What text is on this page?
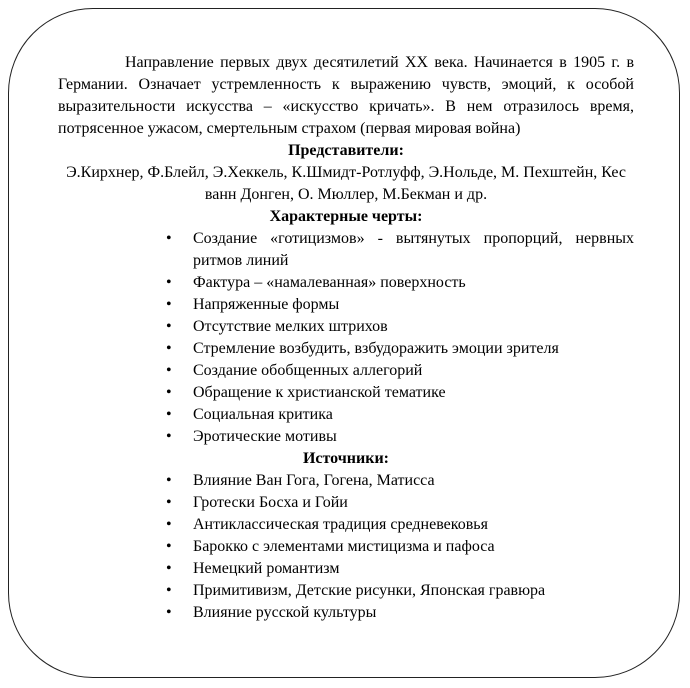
Направление первых двух десятилетий XX века. Начинается в 1905 г. в Германии. Означает устремленность к выражению чувств, эмоций, к особой выразительности искусства – «искусство кричать». В нем отразилось время, потрясенное ужасом, смертельным страхом (первая мировая война)

Представители:

Э.Кирхнер, Ф.Блейл, Э.Хеккель, К.Шмидт-Ротлуфф, Э.Нольде, М. Пехштейн, Кес ванн Донген, О. Мюллер, М.Бекман и др.

Характерные черты:

• Создание «готицизмов» - вытянутых пропорций, нервных ритмов линий
• Фактура – «намалеванная» поверхность
• Напряженные формы
• Отсутствие мелких штрихов
• Стремление возбудить, взбудоражить эмоции зрителя
• Создание обобщенных аллегорий
• Обращение к христианской тематике
• Социальная критика
• Эротические мотивы

Источники:

• Влияние Ван Гога, Гогена, Матисса
• Гротески Босха и Гойи
• Антиклассическая традиция средневековья
• Барокко с элементами мистицизма и пафоса
• Немецкий романтизм
• Примитивизм, Детские рисунки, Японская гравюра
• Влияние русской культуры
